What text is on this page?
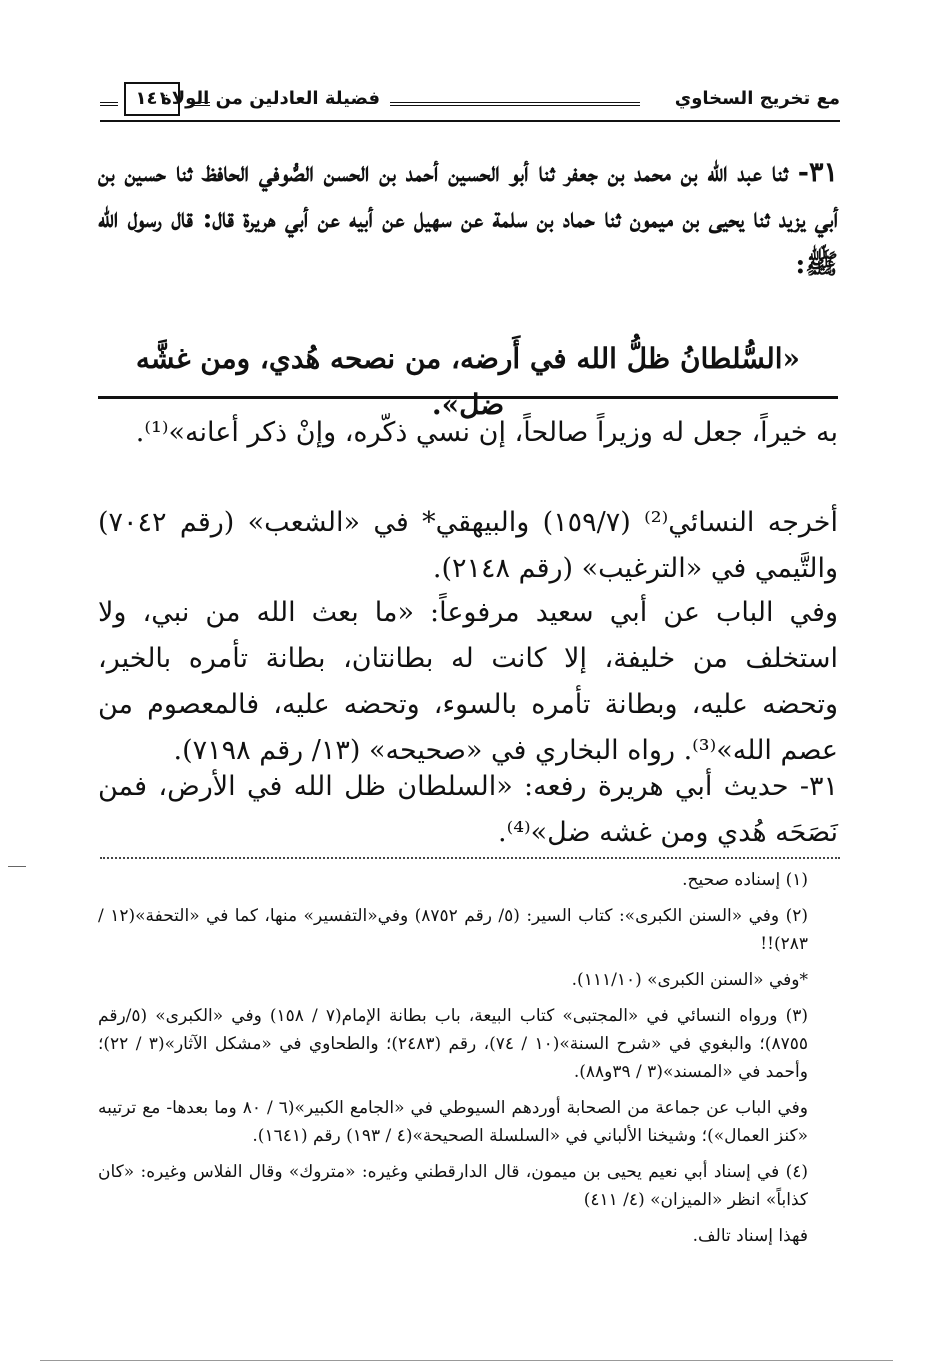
مع تخريج السخاوي
فضيلة العادلين من الولاة
١٤١

٣١- ثنا عبد الله بن محمد بن جعفر ثنا أبو الحسين أحمد بن الحسن الصُّوفي الحافظ ثنا حسين بن أبي يزيد ثنا يحيى بن ميمون ثنا حماد بن سلمة عن سهيل عن أبيه عن أبي هريرة قال: قال رسول الله ﷺ:

«السُّلطانُ ظلُّ الله في أَرضه، من نصحه هُدي، ومن غشَّه ضل».

به خيراً، جعل له وزيراً صالحاً، إن نسي ذكّره، وإنْ ذكر أعانه»⁽¹⁾.

أخرجه النسائي⁽²⁾ (١٥٩/٧) والبيهقي* في «الشعب» (رقم ٧٠٤٢) والتَّيمي في «الترغيب» (رقم ٢١٤٨).

وفي الباب عن أبي سعيد مرفوعاً: «ما بعث الله من نبي، ولا استخلف من خليفة، إلا كانت له بطانتان، بطانة تأمره بالخير، وتحضه عليه، وبطانة تأمره بالسوء، وتحضه عليه، فالمعصوم من عصم الله»⁽³⁾. رواه البخاري في «صحيحه» (١٣/ رقم ٧١٩٨).

٣١- حديث أبي هريرة رفعه: «السلطان ظل الله في الأرض، فمن نَصَحَه هُدي ومن غشه ضل»⁽⁴⁾.

(١) إسناده صحيح.

(٢) وفي «السنن الكبرى»: كتاب السير: (٥/ رقم ٨٧٥٢) وفي«التفسير» منها، كما في «التحفة»(١٢ / ٢٨٣)!!

*وفي «السنن الكبرى» (١١١/١٠).

(٣) ورواه النسائي في «المجتبى» كتاب البيعة، باب بطانة الإمام(٧ / ١٥٨) وفي «الكبرى» (٥/رقم ٨٧٥٥)؛ والبغوي في «شرح السنة»(١٠ / ٧٤)، رقم (٢٤٨٣)؛ والطحاوي في «مشكل الآثار»(٣ / ٢٢)؛ وأحمد في «المسند»(٣ / ٣٩و٨٨).

وفي الباب عن جماعة من الصحابة أوردهم السيوطي في «الجامع الكبير»(٦ / ٨٠ وما بعدها- مع ترتيبه «كنز العمال»)؛ وشيخنا الألباني في «السلسلة الصحيحة»(٤ / ١٩٣) رقم (١٦٤١).

(٤) في إسناد أبي نعيم يحيى بن ميمون، قال الدارقطني وغيره: «متروك» وقال الفلاس وغيره: «كان كذاباً» انظر «الميزان» (٤/ ٤١١)

فهذا إسناد تالف.
